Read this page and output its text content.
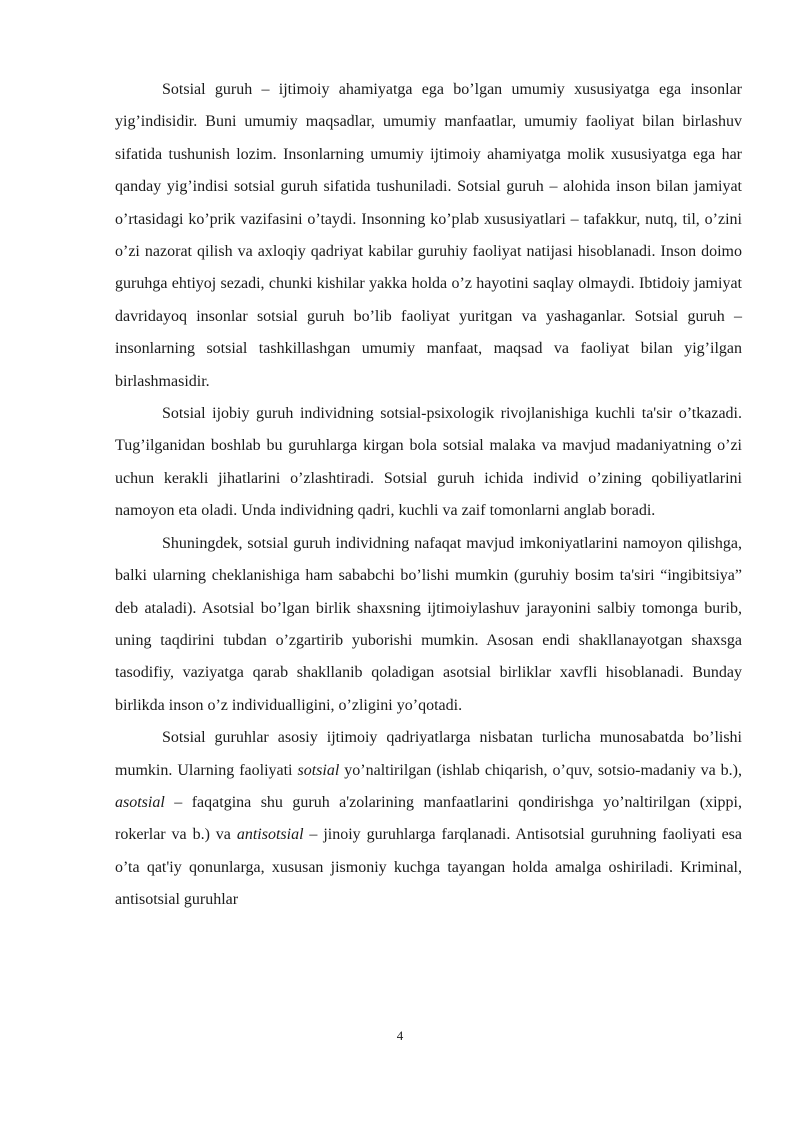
Sotsial guruh – ijtimoiy ahamiyatga ega bo’lgan umumiy xususiyatga ega insonlar yig’indisidir. Buni umumiy maqsadlar, umumiy manfaatlar, umumiy faoliyat bilan birlashuv sifatida tushunish lozim. Insonlarning umumiy ijtimoiy ahamiyatga molik xususiyatga ega har qanday yig’indisi sotsial guruh sifatida tushuniladi. Sotsial guruh – alohida inson bilan jamiyat o’rtasidagi ko’prik vazifasini o’taydi. Insonning ko’plab xususiyatlari – tafakkur, nutq, til, o’zini o’zi nazorat qilish va axloqiy qadriyat kabilar guruhiy faoliyat natijasi hisoblanadi. Inson doimo guruhga ehtiyoj sezadi, chunki kishilar yakka holda o’z hayotini saqlay olmaydi. Ibtidoiy jamiyat davridayoq insonlar sotsial guruh bo’lib faoliyat yuritgan va yashaganlar. Sotsial guruh – insonlarning sotsial tashkillashgan umumiy manfaat, maqsad va faoliyat bilan yig’ilgan birlashmasidir.

Sotsial ijobiy guruh individning sotsial-psixologik rivojlanishiga kuchli ta'sir o’tkazadi. Tug’ilganidan boshlab bu guruhlarga kirgan bola sotsial malaka va mavjud madaniyatning o’zi uchun kerakli jihatlarini o’zlashtiradi. Sotsial guruh ichida individ o’zining qobiliyatlarini namoyon eta oladi. Unda individning qadri, kuchli va zaif tomonlarni anglab boradi.

Shuningdek, sotsial guruh individning nafaqat mavjud imkoniyatlarini namoyon qilishga, balki ularning cheklanishiga ham sababchi bo’lishi mumkin (guruhiy bosim ta'siri “ingibitsiya” deb ataladi). Asotsial bo’lgan birlik shaxsning ijtimoiylashuv jarayonini salbiy tomonga burib, uning taqdirini tubdan o’zgartirib yuborishi mumkin. Asosan endi shakllanayotgan shaxsga tasodifiy, vaziyatga qarab shakllanib qoladigan asotsial birliklar xavfli hisoblanadi. Bunday birlikda inson o’z individualligini, o’zligini yo’qotadi.

Sotsial guruhlar asosiy ijtimoiy qadriyatlarga nisbatan turlicha munosabatda bo’lishi mumkin. Ularning faoliyati sotsial yo’naltirilgan (ishlab chiqarish, o’quv, sotsio-madaniy va b.), asotsial – faqatgina shu guruh a'zolarining manfaatlarini qondirishga yo’naltirilgan (xippi, rokerlar va b.) va antisotsial – jinoiy guruhlarga farqlanadi. Antisotsial guruhning faoliyati esa o’ta qat'iy qonunlarga, xususan jismoniy kuchga tayangan holda amalga oshiriladi. Kriminal, antisotsial guruhlar

4
